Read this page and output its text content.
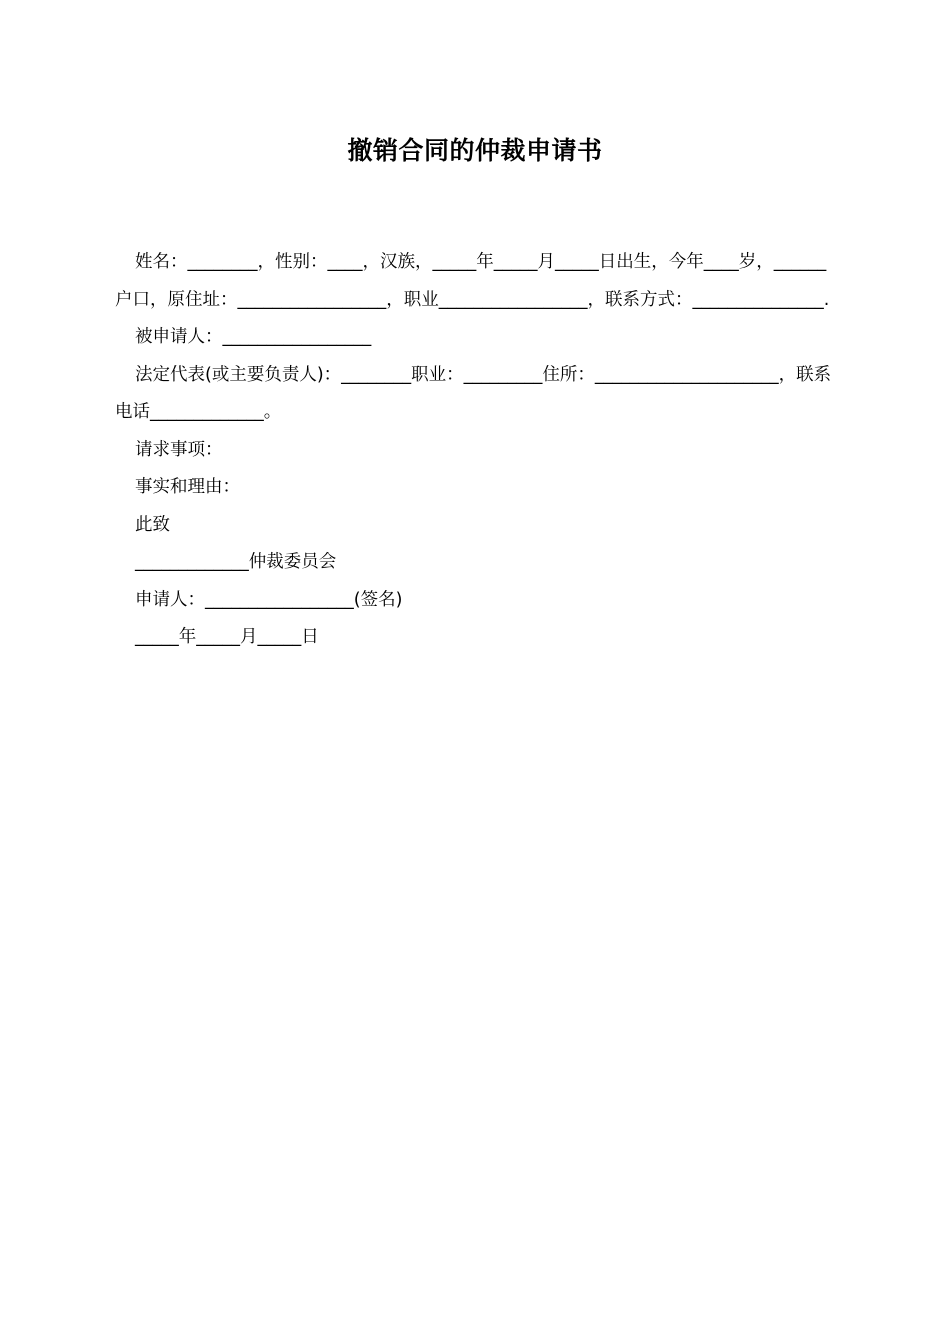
撤销合同的仲裁申请书

姓名：________，性别：____，汉族，_____年_____月_____日出生，今年____岁，______户口，原住址：_________________，职业_________________，联系方式：_______________.

被申请人：_________________

法定代表(或主要负责人)：________职业：_________住所：_____________________，联系电话_____________。

请求事项：

事实和理由：

此致

_____________仲裁委员会

申请人：_________________(签名)

_____年_____月_____日
